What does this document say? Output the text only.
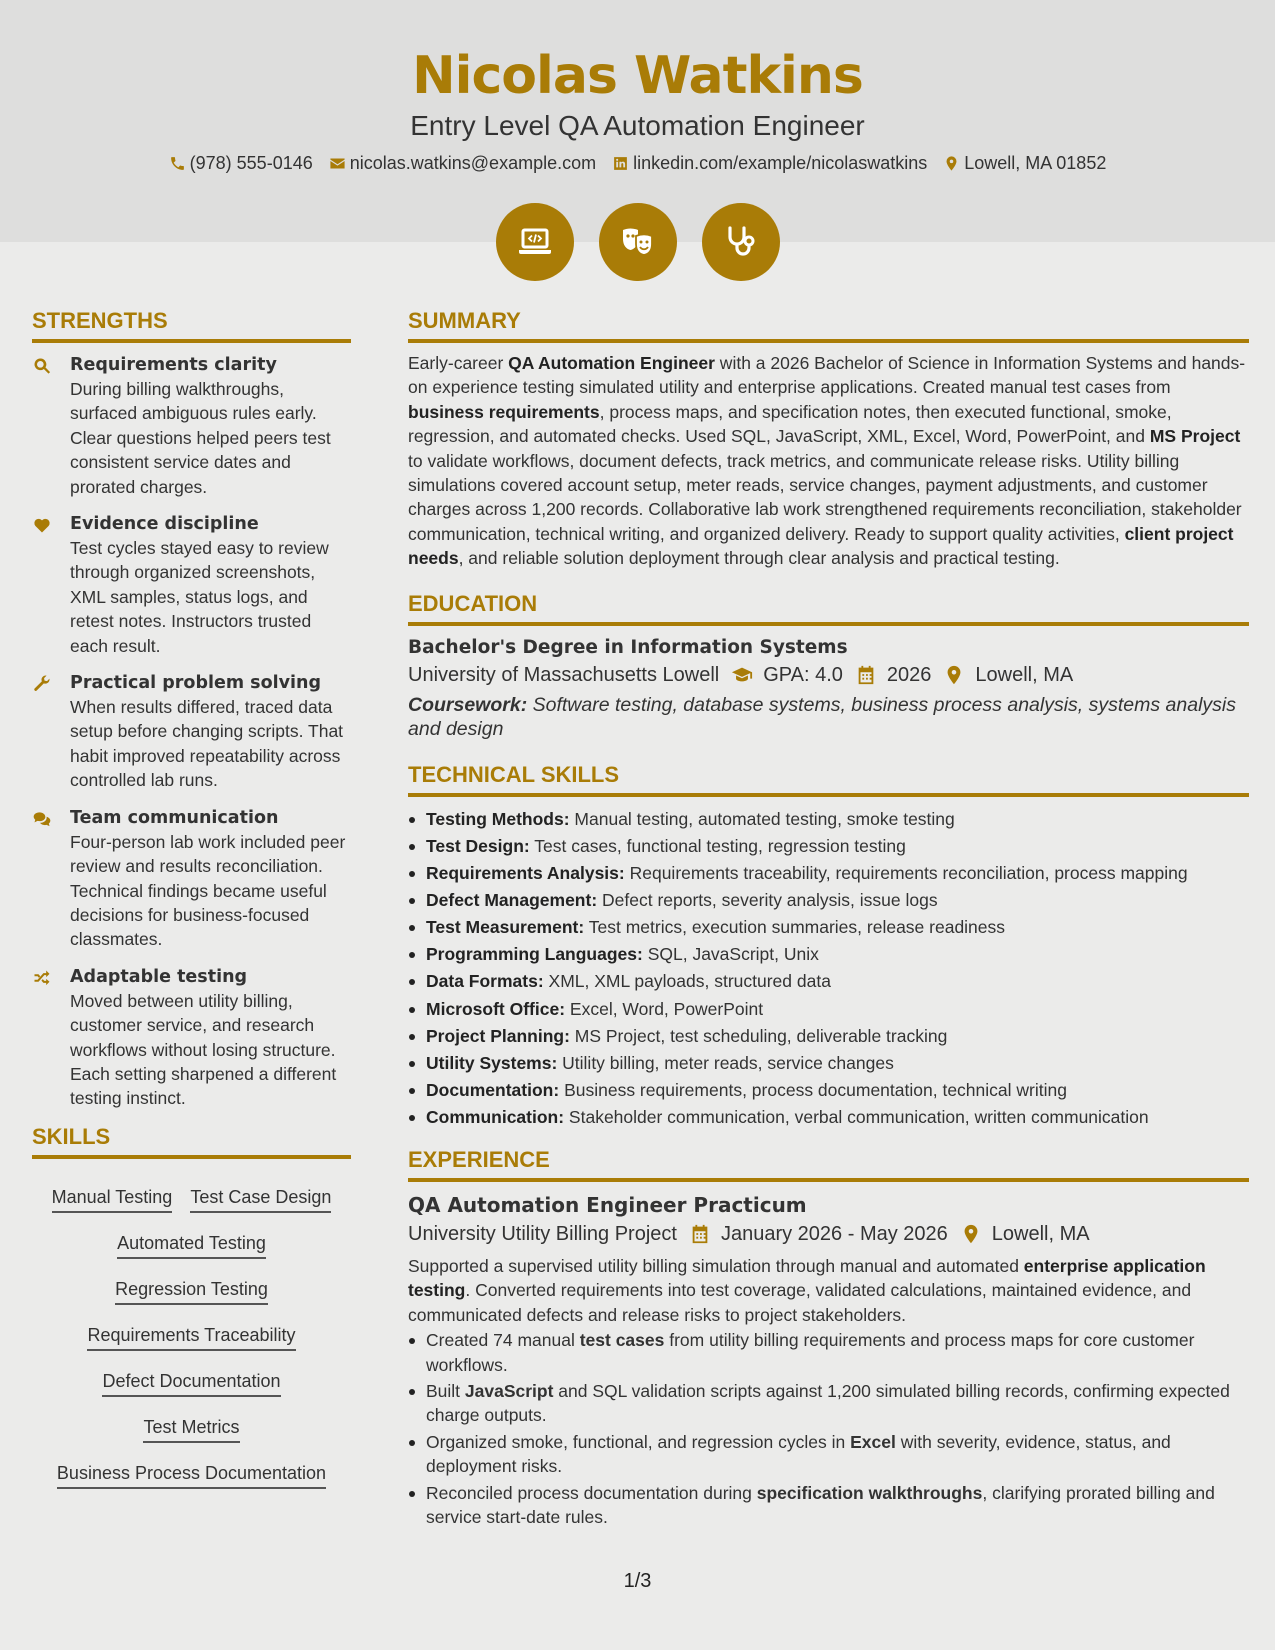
Nicolas Watkins
Entry Level QA Automation Engineer
(978) 555-0146 nicolas.watkins@example.com linkedin.com/example/nicolaswatkins Lowell, MA 01852
STRENGTHS
Requirements clarity
During billing walkthroughs, surfaced ambiguous rules early. Clear questions helped peers test consistent service dates and prorated charges.
Evidence discipline
Test cycles stayed easy to review through organized screenshots, XML samples, status logs, and retest notes. Instructors trusted each result.
Practical problem solving
When results differed, traced data setup before changing scripts. That habit improved repeatability across controlled lab runs.
Team communication
Four-person lab work included peer review and results reconciliation. Technical findings became useful decisions for business-focused classmates.
Adaptable testing
Moved between utility billing, customer service, and research workflows without losing structure. Each setting sharpened a different testing instinct.
SKILLS
Manual Testing Test Case Design
Automated Testing
Regression Testing
Requirements Traceability
Defect Documentation
Test Metrics
Business Process Documentation
SUMMARY
Early-career QA Automation Engineer with a 2026 Bachelor of Science in Information Systems and hands-on experience testing simulated utility and enterprise applications. Created manual test cases from business requirements, process maps, and specification notes, then executed functional, smoke, regression, and automated checks. Used SQL, JavaScript, XML, Excel, Word, PowerPoint, and MS Project to validate workflows, document defects, track metrics, and communicate release risks. Utility billing simulations covered account setup, meter reads, service changes, payment adjustments, and customer charges across 1,200 records. Collaborative lab work strengthened requirements reconciliation, stakeholder communication, technical writing, and organized delivery. Ready to support quality activities, client project needs, and reliable solution deployment through clear analysis and practical testing.
EDUCATION
Bachelor's Degree in Information Systems
University of Massachusetts Lowell GPA: 4.0 2026 Lowell, MA
Coursework: Software testing, database systems, business process analysis, systems analysis and design
TECHNICAL SKILLS
Testing Methods: Manual testing, automated testing, smoke testing
Test Design: Test cases, functional testing, regression testing
Requirements Analysis: Requirements traceability, requirements reconciliation, process mapping
Defect Management: Defect reports, severity analysis, issue logs
Test Measurement: Test metrics, execution summaries, release readiness
Programming Languages: SQL, JavaScript, Unix
Data Formats: XML, XML payloads, structured data
Microsoft Office: Excel, Word, PowerPoint
Project Planning: MS Project, test scheduling, deliverable tracking
Utility Systems: Utility billing, meter reads, service changes
Documentation: Business requirements, process documentation, technical writing
Communication: Stakeholder communication, verbal communication, written communication
EXPERIENCE
QA Automation Engineer Practicum
University Utility Billing Project January 2026 - May 2026 Lowell, MA
Supported a supervised utility billing simulation through manual and automated enterprise application testing. Converted requirements into test coverage, validated calculations, maintained evidence, and communicated defects and release risks to project stakeholders.
Created 74 manual test cases from utility billing requirements and process maps for core customer workflows.
Built JavaScript and SQL validation scripts against 1,200 simulated billing records, confirming expected charge outputs.
Organized smoke, functional, and regression cycles in Excel with severity, evidence, status, and deployment risks.
Reconciled process documentation during specification walkthroughs, clarifying prorated billing and service start-date rules.
1/3
